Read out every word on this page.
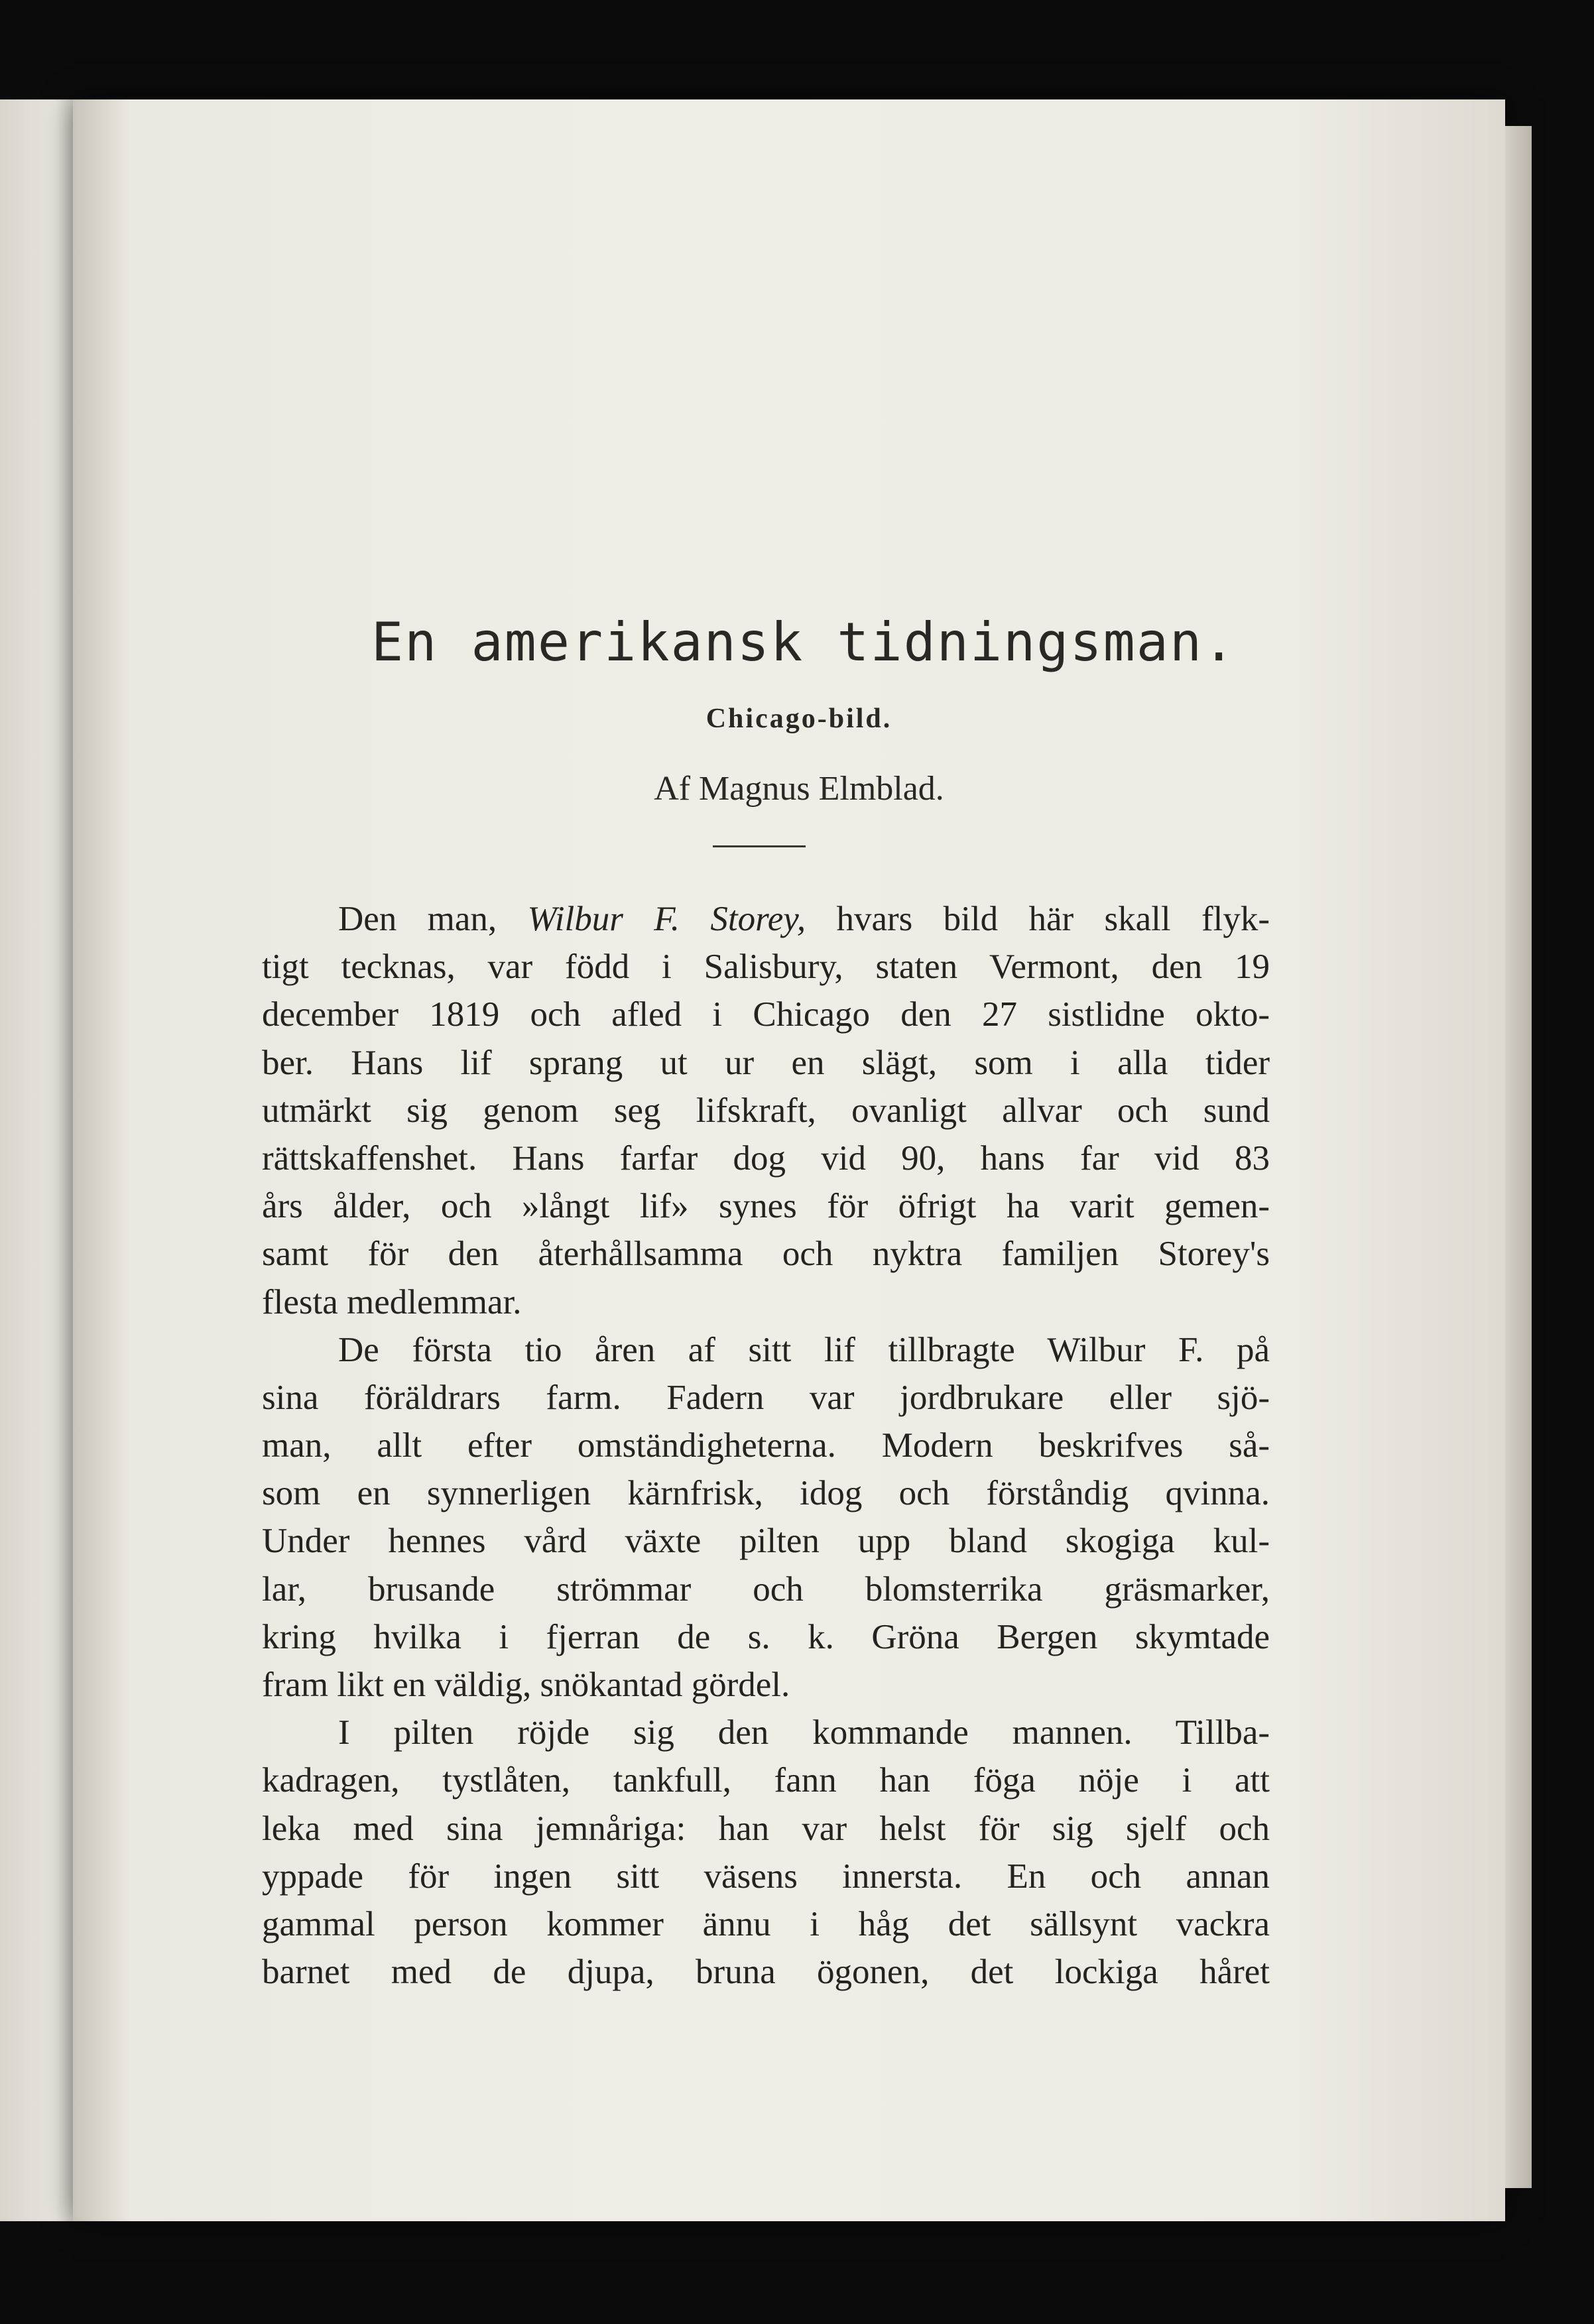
En amerikansk tidningsman.
Chicago-bild.
Af Magnus Elmblad.
Den man, Wilbur F. Storey, hvars bild här skall flyk-
tigt tecknas, var född i Salisbury, staten Vermont, den 19
december 1819 och afled i Chicago den 27 sistlidne okto-
ber. Hans lif sprang ut ur en slägt, som i alla tider
utmärkt sig genom seg lifskraft, ovanligt allvar och sund
rättskaffenshet. Hans farfar dog vid 90, hans far vid 83
års ålder, och »långt lif» synes för öfrigt ha varit gemen-
samt för den återhållsamma och nyktra familjen Storey's
flesta medlemmar.
De första tio åren af sitt lif tillbragte Wilbur F. på
sina föräldrars farm. Fadern var jordbrukare eller sjö-
man, allt efter omständigheterna. Modern beskrifves så-
som en synnerligen kärnfrisk, idog och förståndig qvinna.
Under hennes vård växte pilten upp bland skogiga kul-
lar, brusande strömmar och blomsterrika gräsmarker,
kring hvilka i fjerran de s. k. Gröna Bergen skymtade
fram likt en väldig, snökantad gördel.
I pilten röjde sig den kommande mannen. Tillba-
kadragen, tystlåten, tankfull, fann han föga nöje i att
leka med sina jemnåriga: han var helst för sig sjelf och
yppade för ingen sitt väsens innersta. En och annan
gammal person kommer ännu i håg det sällsynt vackra
barnet med de djupa, bruna ögonen, det lockiga håret
